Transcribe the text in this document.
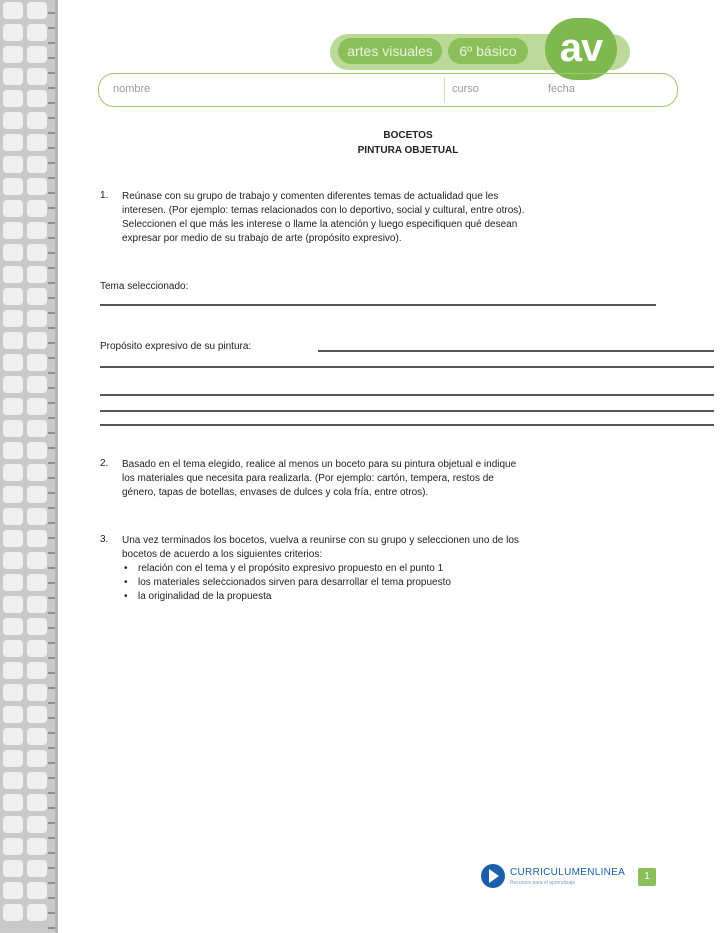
artes visuales	6º básico	av
nombre	curso	fecha
BOCETOS
PINTURA OBJETUAL
1. Reúnase con su grupo de trabajo y comenten diferentes temas de actualidad que les
interesen. (Por ejemplo: temas relacionados con lo deportivo, social y cultural, entre otros).
Seleccionen el que más les interese o llame la atención y luego especifiquen qué desean
expresar por medio de su trabajo de arte (propósito expresivo).
Tema seleccionado:
Propósito expresivo de su pintura:
2. Basado en el tema elegido, realice al menos un boceto para su pintura objetual e indique
los materiales que necesita para realizarla. (Por ejemplo: cartón, tempera, restos de
género, tapas de botellas, envases de dulces y cola fría, entre otros).
3. Una vez terminados los bocetos, vuelva a reunirse con su grupo y seleccionen uno de los
bocetos de acuerdo a los siguientes criterios:
• relación con el tema y el propósito expresivo propuesto en el punto 1
• los materiales seleccionados sirven para desarrollar el tema propuesto
• la originalidad de la propuesta
CURRICULUMENLINEA
Recursos para el aprendizaje
1
